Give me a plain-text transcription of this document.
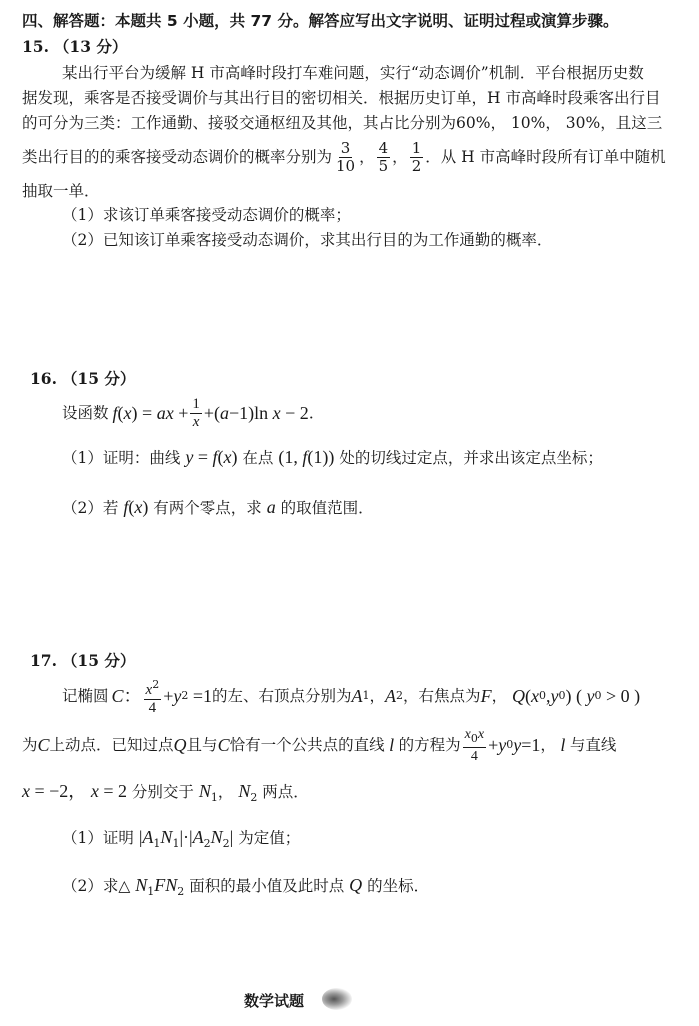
四、解答题：本题共 5 小题，共 77 分。解答应写出文字说明、证明过程或演算步骤。
15. （13 分）
某出行平台为缓解 H 市高峰时段打车难问题，实行“动态调价”机制．平台根据历史数
据发现，乘客是否接受调价与其出行目的密切相关．根据历史订单，H 市高峰时段乘客出行目
的可分为三类：工作通勤、接驳交通枢纽及其他，其占比分别为60%， 10%， 30%，且这三
类出行目的的乘客接受动态调价的概率分别为 $\frac{3}{10}$ ， $\frac{4}{5}$ ， $\frac{1}{2}$ ．从 H 市高峰时段所有订单中随机
抽取一单．
（1）求该订单乘客接受动态调价的概率；
（2）已知该订单乘客接受动态调价，求其出行目的为工作通勤的概率．
16. （15 分）
设函数 f ( x ) = ax + $\frac{1}{x}$ +( a −1)ln x − 2 ．
（1）证明：曲线 y = f(x) 在点 (1, f(1)) 处的切线过定点，并求出该定点坐标；
（2）若 f(x) 有两个零点，求 a 的取值范围．
17. （15 分）
记椭圆 C ： $\frac{x^2}{4} + y$ 2 =1 的左、右顶点分别为 A 1 ， A 2 ，右焦点为 F ， Q ( x 0 , y 0 ) ( y 0 > 0 )
为 C 上动点．已知过点 Q 且与 C 恰有一个公共点的直线 l 的方程为 $\frac{x_0x}{4} + y$ 0 y =1 ， l 与直线
x = −2， x = 2 分别交于 $N_1$， $N_2$ 两点．
（1）证明 $|A_1N_1|\cdot|A_2N_2|$ 为定值；
（2）求△ $N_1FN_2$ 面积的最小值及此时点 Q 的坐标．
数学试题
